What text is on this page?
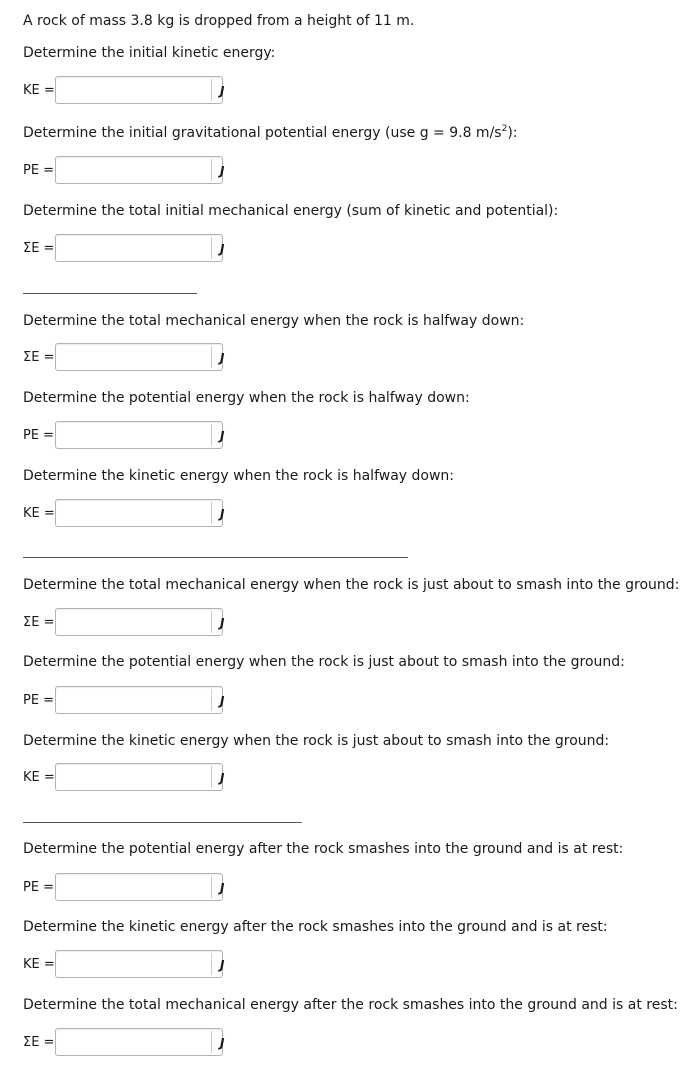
A rock of mass 3.8 kg is dropped from a height of 11 m.
Determine the initial kinetic energy:
KE =	J
Determine the initial gravitational potential energy (use g = 9.8 $m/s^2$):
PE =	J
Determine the total initial mechanical energy (sum of kinetic and potential):
ΣE =	J
Determine the total mechanical energy when the rock is halfway down:
ΣE =	J
Determine the potential energy when the rock is halfway down:
PE =	J
Determine the kinetic energy when the rock is halfway down:
KE =	J
Determine the total mechanical energy when the rock is just about to smash into the ground:
ΣE =	J
Determine the potential energy when the rock is just about to smash into the ground:
PE =	J
Determine the kinetic energy when the rock is just about to smash into the ground:
KE =	J
Determine the potential energy after the rock smashes into the ground and is at rest:
PE =	J
Determine the kinetic energy after the rock smashes into the ground and is at rest:
KE =	J
Determine the total mechanical energy after the rock smashes into the ground and is at rest:
ΣE =	J
